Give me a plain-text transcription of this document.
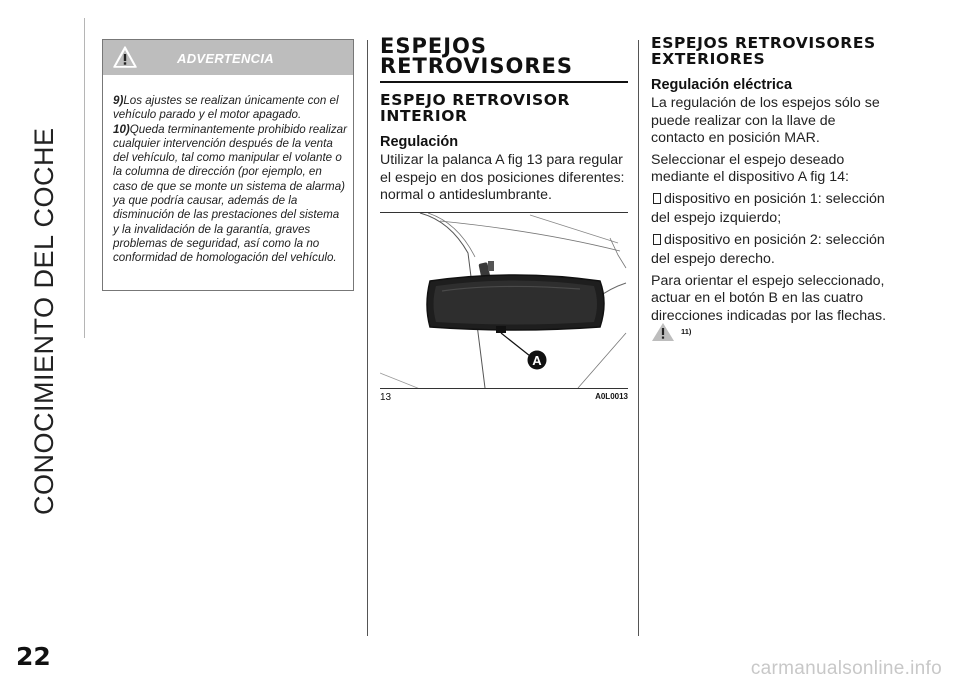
CONOCIMIENTO DEL COCHE
22
ADVERTENCIA

9)Los ajustes se realizan únicamente con el vehículo parado y el motor apagado.

10)Queda terminantemente prohibido realizar cualquier intervención después de la venta del vehículo, tal como manipular el volante o la columna de dirección (por ejemplo, en caso de que se monte un sistema de alarma) ya que podría causar, además de la disminución de las prestaciones del sistema y la invalidación de la garantía, graves problemas de seguridad, así como la no conformidad de homologación del vehículo.

ESPEJOS RETROVISORES
ESPEJO RETROVISOR INTERIOR
Regulación

Utilizar la palanca A fig 13 para regular el espejo en dos posiciones diferentes: normal o antideslumbrante.

A
13	A0L0013
ESPEJOS RETROVISORES EXTERIORES
Regulación eléctrica

La regulación de los espejos sólo se puede realizar con la llave de contacto en posición MAR.

Seleccionar el espejo deseado mediante el dispositivo A fig 14:

dispositivo en posición 1: selección del espejo izquierdo;

dispositivo en posición 2: selección del espejo derecho.

Para orientar el espejo seleccionado, actuar en el botón B en las cuatro direcciones indicadas por las flechas.

11)
carmanualsonline.info
